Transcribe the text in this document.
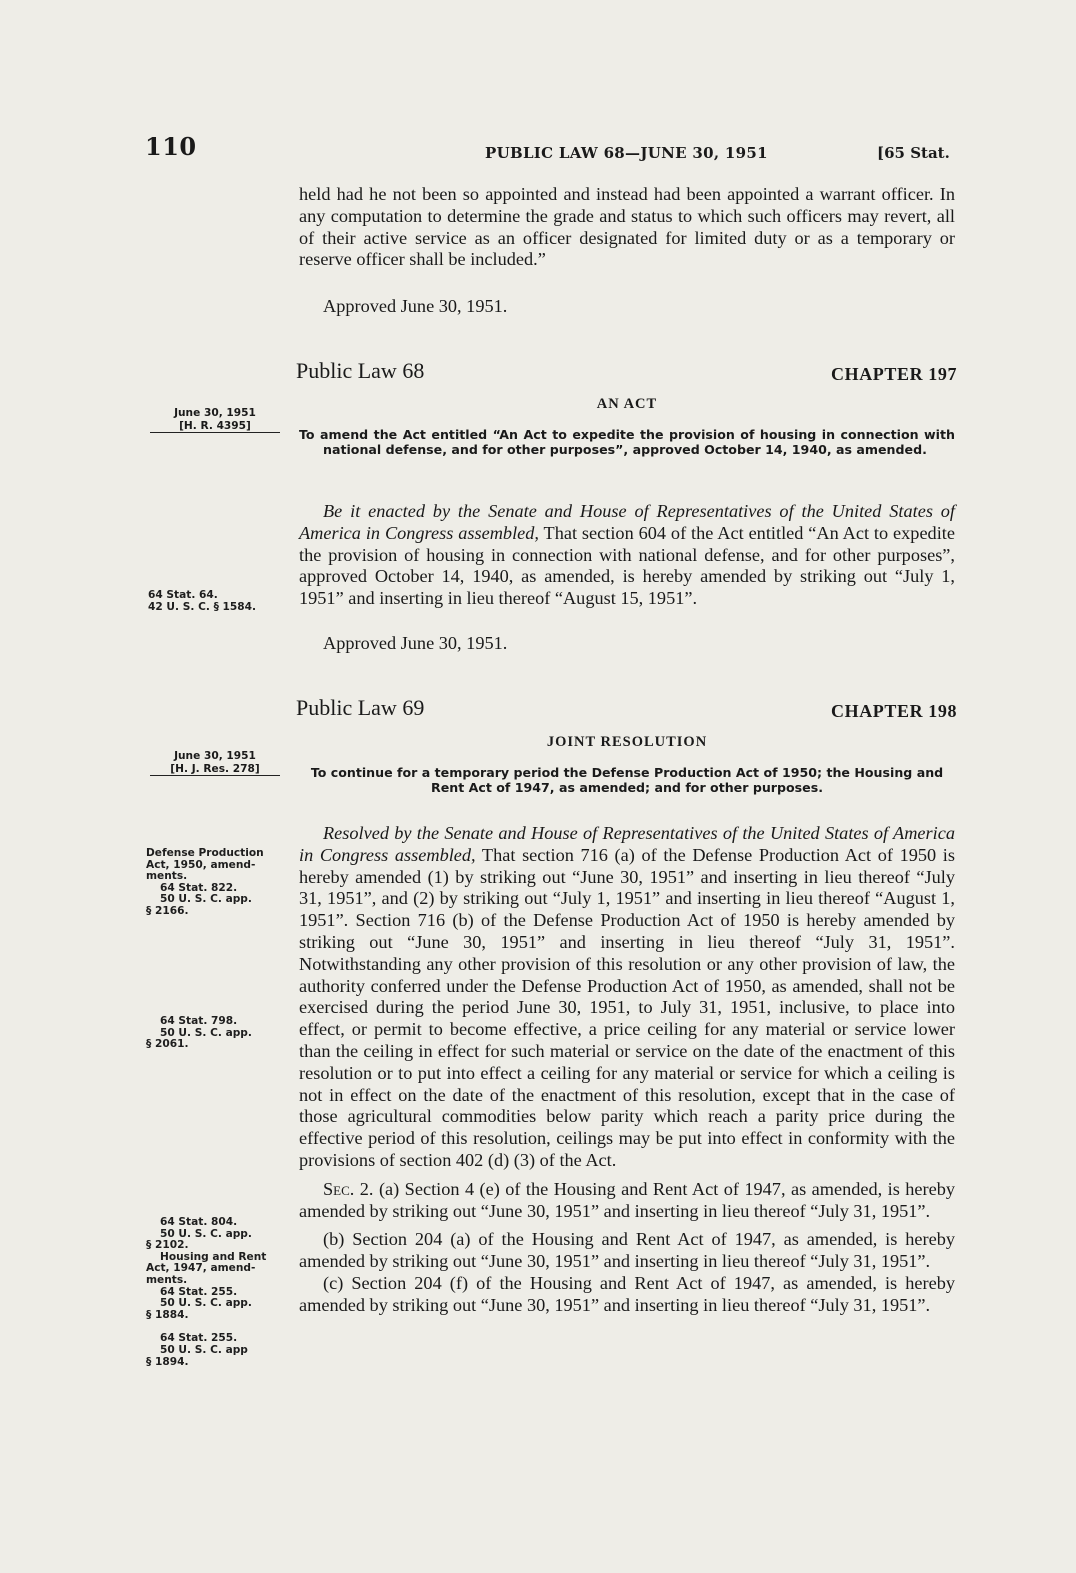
110	PUBLIC LAW 68—JUNE 30, 1951	[65 Stat.

held had he not been so appointed and instead had been appointed a warrant officer. In any computation to determine the grade and status to which such officers may revert, all of their active service as an officer designated for limited duty or as a temporary or reserve officer shall be included.”

Approved June 30, 1951.
Public Law 68	CHAPTER 197
AN ACT
June 30, 1951
[H. R. 4395]

To amend the Act entitled “An Act to expedite the provision of housing in connection with national defense, and for other purposes”, approved October 14, 1940, as amended.

Be it enacted by the Senate and House of Representatives of the United States of America in Congress assembled, That section 604 of the Act entitled “An Act to expedite the provision of housing in connection with national defense, and for other purposes”, approved October 14, 1940, as amended, is hereby amended by striking out “July 1, 1951” and inserting in lieu thereof “August 15, 1951”.

64 Stat. 64.
42 U. S. C. § 1584.
Approved June 30, 1951.
Public Law 69	CHAPTER 198
JOINT RESOLUTION
June 30, 1951
[H. J. Res. 278]	To continue for a temporary period the Defense Production Act of 1950; the Housing and Rent Act of 1947, as amended; and for other purposes.

Resolved by the Senate and House of Representatives of the United States of America in Congress assembled, That section 716 (a) of the Defense Production Act of 1950 is hereby amended (1) by striking out “June 30, 1951” and inserting in lieu thereof “July 31, 1951”, and (2) by striking out “July 1, 1951” and inserting in lieu thereof “August 1, 1951”. Section 716 (b) of the Defense Production Act of 1950 is hereby amended by striking out “June 30, 1951” and inserting in lieu thereof “July 31, 1951”. Notwithstanding any other provision of this resolution or any other provision of law, the authority conferred under the Defense Production Act of 1950, as amended, shall not be exercised during the period June 30, 1951, to July 31, 1951, inclusive, to place into effect, or permit to become effective, a price ceiling for any material or service lower than the ceiling in effect for such material or service on the date of the enactment of this resolution or to put into effect a ceiling for any material or service for which a ceiling is not in effect on the date of the enactment of this resolution, except that in the case of those agricultural commodities below parity which reach a parity price during the effective period of this resolution, ceilings may be put into effect in conformity with the provisions of section 402 (d) (3) of the Act.

Sec. 2. (a) Section 4 (e) of the Housing and Rent Act of 1947, as amended, is hereby amended by striking out “June 30, 1951” and inserting in lieu thereof “July 31, 1951”.

(b) Section 204 (a) of the Housing and Rent Act of 1947, as amended, is hereby amended by striking out “June 30, 1951” and inserting in lieu thereof “July 31, 1951”.

(c) Section 204 (f) of the Housing and Rent Act of 1947, as amended, is hereby amended by striking out “June 30, 1951” and inserting in lieu thereof “July 31, 1951”.

Defense Production
Act, 1950, amend-
ments.
64 Stat. 822.
50 U. S. C. app.
§ 2166.
64 Stat. 798.
50 U. S. C. app.
§ 2061.
64 Stat. 804.
50 U. S. C. app.
§ 2102.
Housing and Rent
Act, 1947, amend-
ments.
64 Stat. 255.
50 U. S. C. app.
§ 1884.
64 Stat. 255.
50 U. S. C. app
§ 1894.
